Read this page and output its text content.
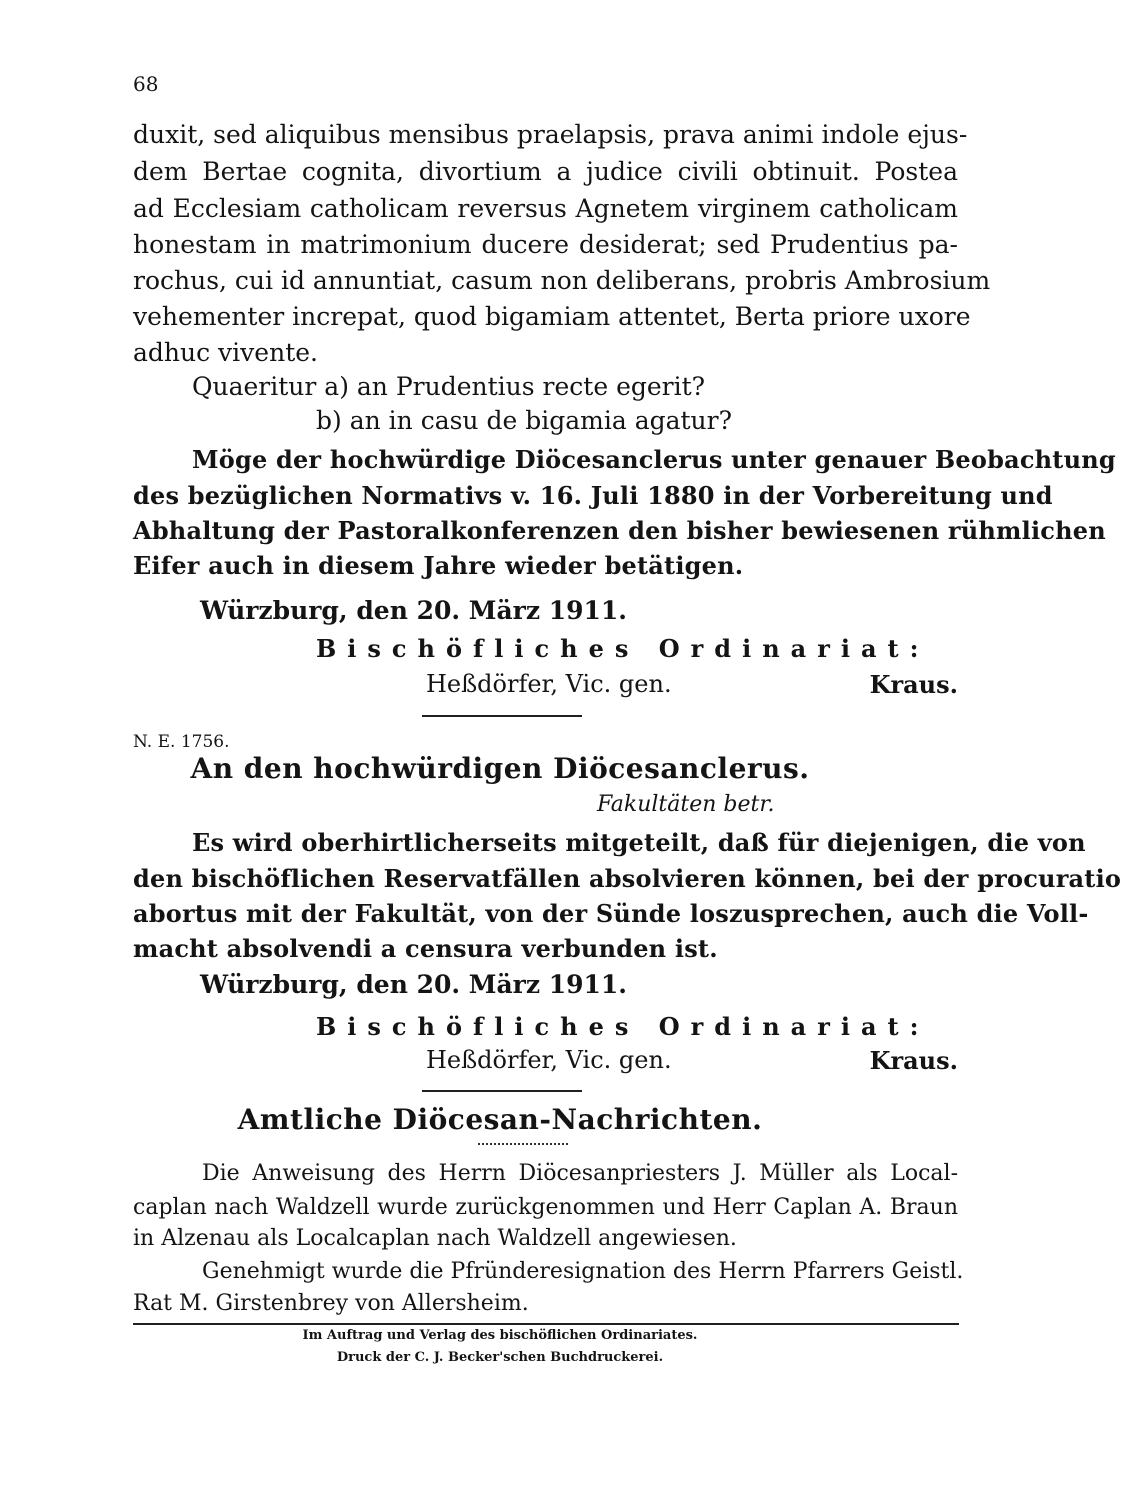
68
duxit, sed aliquibus mensibus praelapsis, prava animi indole ejus-
dem Bertae cognita, divortium a judice civili obtinuit. Postea
ad Ecclesiam catholicam reversus Agnetem virginem catholicam
honestam in matrimonium ducere desiderat; sed Prudentius pa-
rochus, cui id annuntiat, casum non deliberans, probris Ambrosium
vehementer increpat, quod bigamiam attentet, Berta priore uxore
adhuc vivente.
Quaeritur a) an Prudentius recte egerit?
b) an in casu de bigamia agatur?
Möge der hochwürdige Diöcesanclerus unter genauer Beobachtung
des bezüglichen Normativs v. 16. Juli 1880 in der Vorbereitung und
Abhaltung der Pastoralkonferenzen den bisher bewiesenen rühmlichen
Eifer auch in diesem Jahre wieder betätigen.
Würzburg, den 20. März 1911.
Bischöfliches Ordinariat:
Heßdörfer, Vic. gen.	Kraus.
N. E. 1756.
An den hochwürdigen Diöcesanclerus.
Fakultäten betr.
Es wird oberhirtlicherseits mitgeteilt, daß für diejenigen, die von
den bischöflichen Reservatfällen absolvieren können, bei der procuratio
abortus mit der Fakultät, von der Sünde loszusprechen, auch die Voll-
macht absolvendi a censura verbunden ist.
Würzburg, den 20. März 1911.
Bischöfliches Ordinariat:
Heßdörfer, Vic. gen.	Kraus.
Amtliche Diöcesan-Nachrichten.
Die Anweisung des Herrn Diöcesanpriesters J. Müller als Local-
caplan nach Waldzell wurde zurückgenommen und Herr Caplan A. Braun
in Alzenau als Localcaplan nach Waldzell angewiesen.
Genehmigt wurde die Pfründeresignation des Herrn Pfarrers Geistl.
Rat M. Girstenbrey von Allersheim.
Im Auftrag und Verlag des bischöflichen Ordinariates.
Druck der C. J. Becker'schen Buchdruckerei.
